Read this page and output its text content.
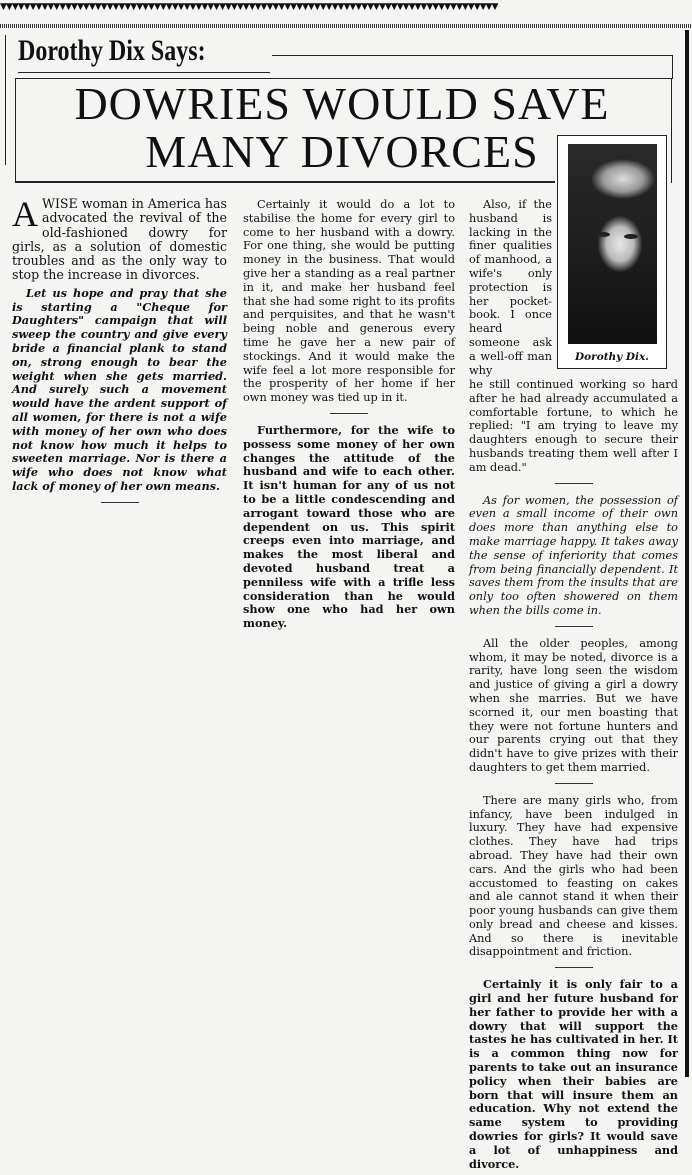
▼▼▼▼▼▼▼▼▼▼▼▼▼▼▼▼▼▼▼▼▼▼▼▼▼▼▼▼▼▼▼▼▼▼▼▼▼▼▼▼▼▼▼▼▼▼▼▼▼▼▼▼▼▼▼▼▼▼▼▼▼▼▼▼▼▼▼▼▼▼▼▼▼▼▼▼▼▼▼▼▼▼▼▼
Dorothy Dix Says:
DOWRIES WOULD SAVE
MANY DIVORCES
Dorothy Dix.

AWISE woman in America has advocated the revival of the old-fashioned dowry for girls, as a solution of domestic troubles and as the only way to stop the increase in divorces.

Let us hope and pray that she is starting a "Cheque for Daughters" campaign that will sweep the country and give every bride a financial plank to stand on, strong enough to bear the weight when she gets married. And surely such a movement would have the ardent support of all women, for there is not a wife with money of her own who does not know how much it helps to sweeten marriage. Nor is there a wife who does not know what lack of money of her own means.

Certainly it would do a lot to stabilise the home for every girl to come to her husband with a dowry. For one thing, she would be putting money in the business. That would give her a standing as a real partner in it, and make her husband feel that she had some right to its profits and perquisites, and that he wasn't being noble and generous every time he gave her a new pair of stockings. And it would make the wife feel a lot more responsible for the prosperity of her home if her own money was tied up in it.

Furthermore, for the wife to possess some money of her own changes the attitude of the husband and wife to each other. It isn't human for any of us not to be a little condescending and arrogant toward those who are dependent on us. This spirit creeps even into marriage, and makes the most liberal and devoted husband treat a penniless wife with a trifle less consideration than he would show one who had her own money.

Also, if the husband is lacking in the finer qualities of manhood, a wife's only protection is her pocket-book. I once heard someone ask a well-off man why

he still continued working so hard after he had already accumulated a comfortable fortune, to which he replied: "I am trying to leave my daughters enough to secure their husbands treating them well after I am dead."

As for women, the possession of even a small income of their own does more than anything else to make marriage happy. It takes away the sense of inferiority that comes from being financially dependent. It saves them from the insults that are only too often showered on them when the bills come in.

All the older peoples, among whom, it may be noted, divorce is a rarity, have long seen the wisdom and justice of giving a girl a dowry when she marries. But we have scorned it, our men boasting that they were not fortune hunters and our parents crying out that they didn't have to give prizes with their daughters to get them married.

There are many girls who, from infancy, have been indulged in luxury. They have had expensive clothes. They have had trips abroad. They have had their own cars. And the girls who had been accustomed to feasting on cakes and ale cannot stand it when their poor young husbands can give them only bread and cheese and kisses. And so there is inevitable disappointment and friction.

Certainly it is only fair to a girl and her future husband for her father to provide her with a dowry that will support the tastes he has cultivated in her. It is a common thing now for parents to take out an insurance policy when their babies are born that will insure them an education. Why not extend the same system to providing dowries for girls? It would save a lot of unhappiness and divorce.
